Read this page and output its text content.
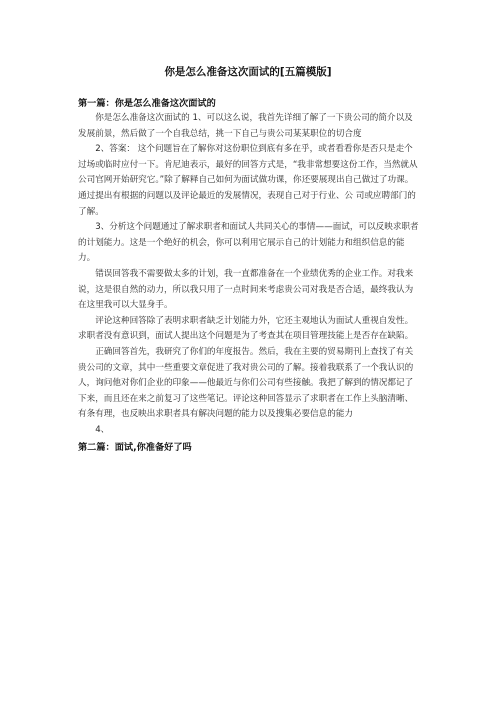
你是怎么准备这次面试的[五篇模版]

第一篇：你是怎么准备这次面试的

你是怎么准备这次面试的 1、可以这么说，我首先详细了解了一下贵公司的简介以及发展前景，然后做了一个自我总结，挑一下自己与贵公司某某职位的切合度

2、答案： 这个问题旨在了解你对这份职位到底有多在乎，或者看看你是否只是走个过场或临时应付一下。肯尼迪表示，最好的回答方式是，“我非常想要这份工作，当然就从 公司官网开始研究它。”除了解释自己如何为面试做功课，你还要展现出自己做过了功课。通过提出有根据的问题以及评论最近的发展情况，表现自己对于行业、公 司或应聘部门的了解。

3、分析这个问题通过了解求职者和面试人共同关心的事情——面试，可以反映求职者的计划能力。这是一个绝好的机会，你可以利用它展示自己的计划能力和组织信息的能力。

错误回答我不需要做太多的计划，我一直都准备在一个业绩优秀的企业工作。对我来说，这是很自然的动力，所以我只用了一点时间来考虑贵公司对我是否合适，最终我认为在这里我可以大显身手。

评论这种回答除了表明求职者缺乏计划能力外，它还主观地认为面试人重视自发性。求职者没有意识到，面试人提出这个问题是为了考查其在项目管理技能上是否存在缺陷。

正确回答首先，我研究了你们的年度报告。然后，我在主要的贸易期刊上查找了有关贵公司的文章，其中一些重要文章促进了我对贵公司的了解。接着我联系了一个我认识的人，询问他对你们企业的印象——他最近与你们公司有些接触。我把了解到的情况都记了下来，而且还在来之前复习了这些笔记。评论这种回答显示了求职者在工作上头脑清晰、有条有理，也反映出求职者具有解决问题的能力以及搜集必要信息的能力

4、

第二篇：面试,你准备好了吗
